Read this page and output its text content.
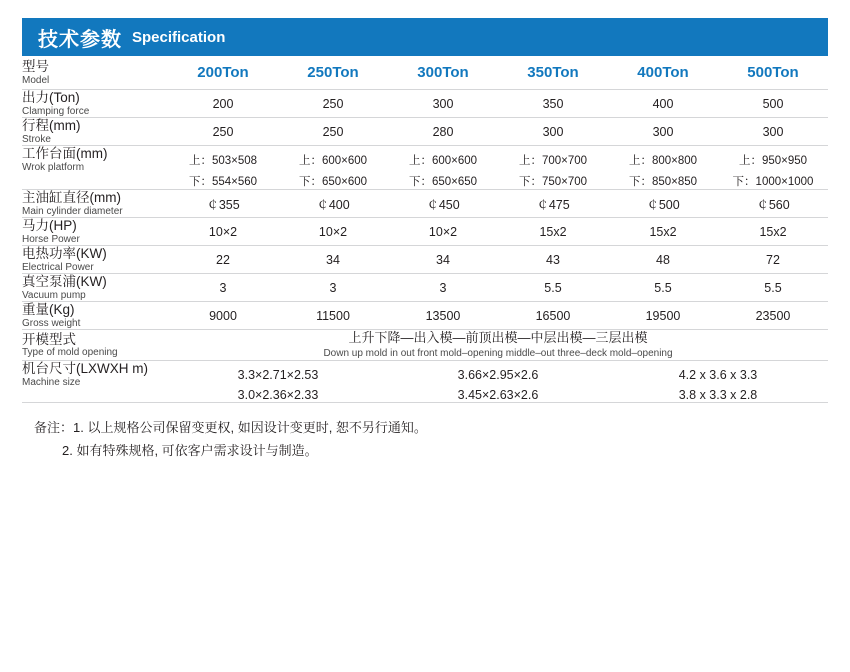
技术参数 Specification
型号
Model	200Ton	250Ton	300Ton	350Ton	400Ton	500Ton

出力(Ton)
Clamping force	200	250	300	350	400	500

行程(mm)
Stroke	250	250	280	300	300	300

工作台面(mm)
Wrok platform	上：503×508	上：600×600	上：600×600	上：700×700	上：800×800	上：950×950

	下：554×560	下：650×600	下：650×650	下：750×700	下：850×850	下：1000×1000

主油缸直径(mm)
Main cylinder diameter	￠355	￠400	￠450	￠475	￠500	￠560

马力(HP)
Horse Power	10×2	10×2	10×2	15x2	15x2	15x2

电热功率(KW)
Electrical Power	22	34	34	43	48	72

真空泵浦(KW)
Vacuum pump	3	3	3	5.5	5.5	5.5

重量(Kg)
Gross weight	9000	11500	13500	16500	19500	23500

开模型式
Type of mold opening	上升下降—出入模—前顶出模—中层出模—三层出模
Down up mold in out front mold–opening middle–out three–deck mold–opening					

机台尺寸(LXWXH m)
Machine size	3.3×2.71×2.53		3.66×2.95×2.6		4.2 x 3.6 x 3.3	
	3.0×2.36×2.33		3.45×2.63×2.6		3.8 x 3.3 x 2.8	
备注：1. 以上规格公司保留变更权, 如因设计变更时, 恕不另行通知。
2. 如有特殊规格, 可依客户需求设计与制造。
